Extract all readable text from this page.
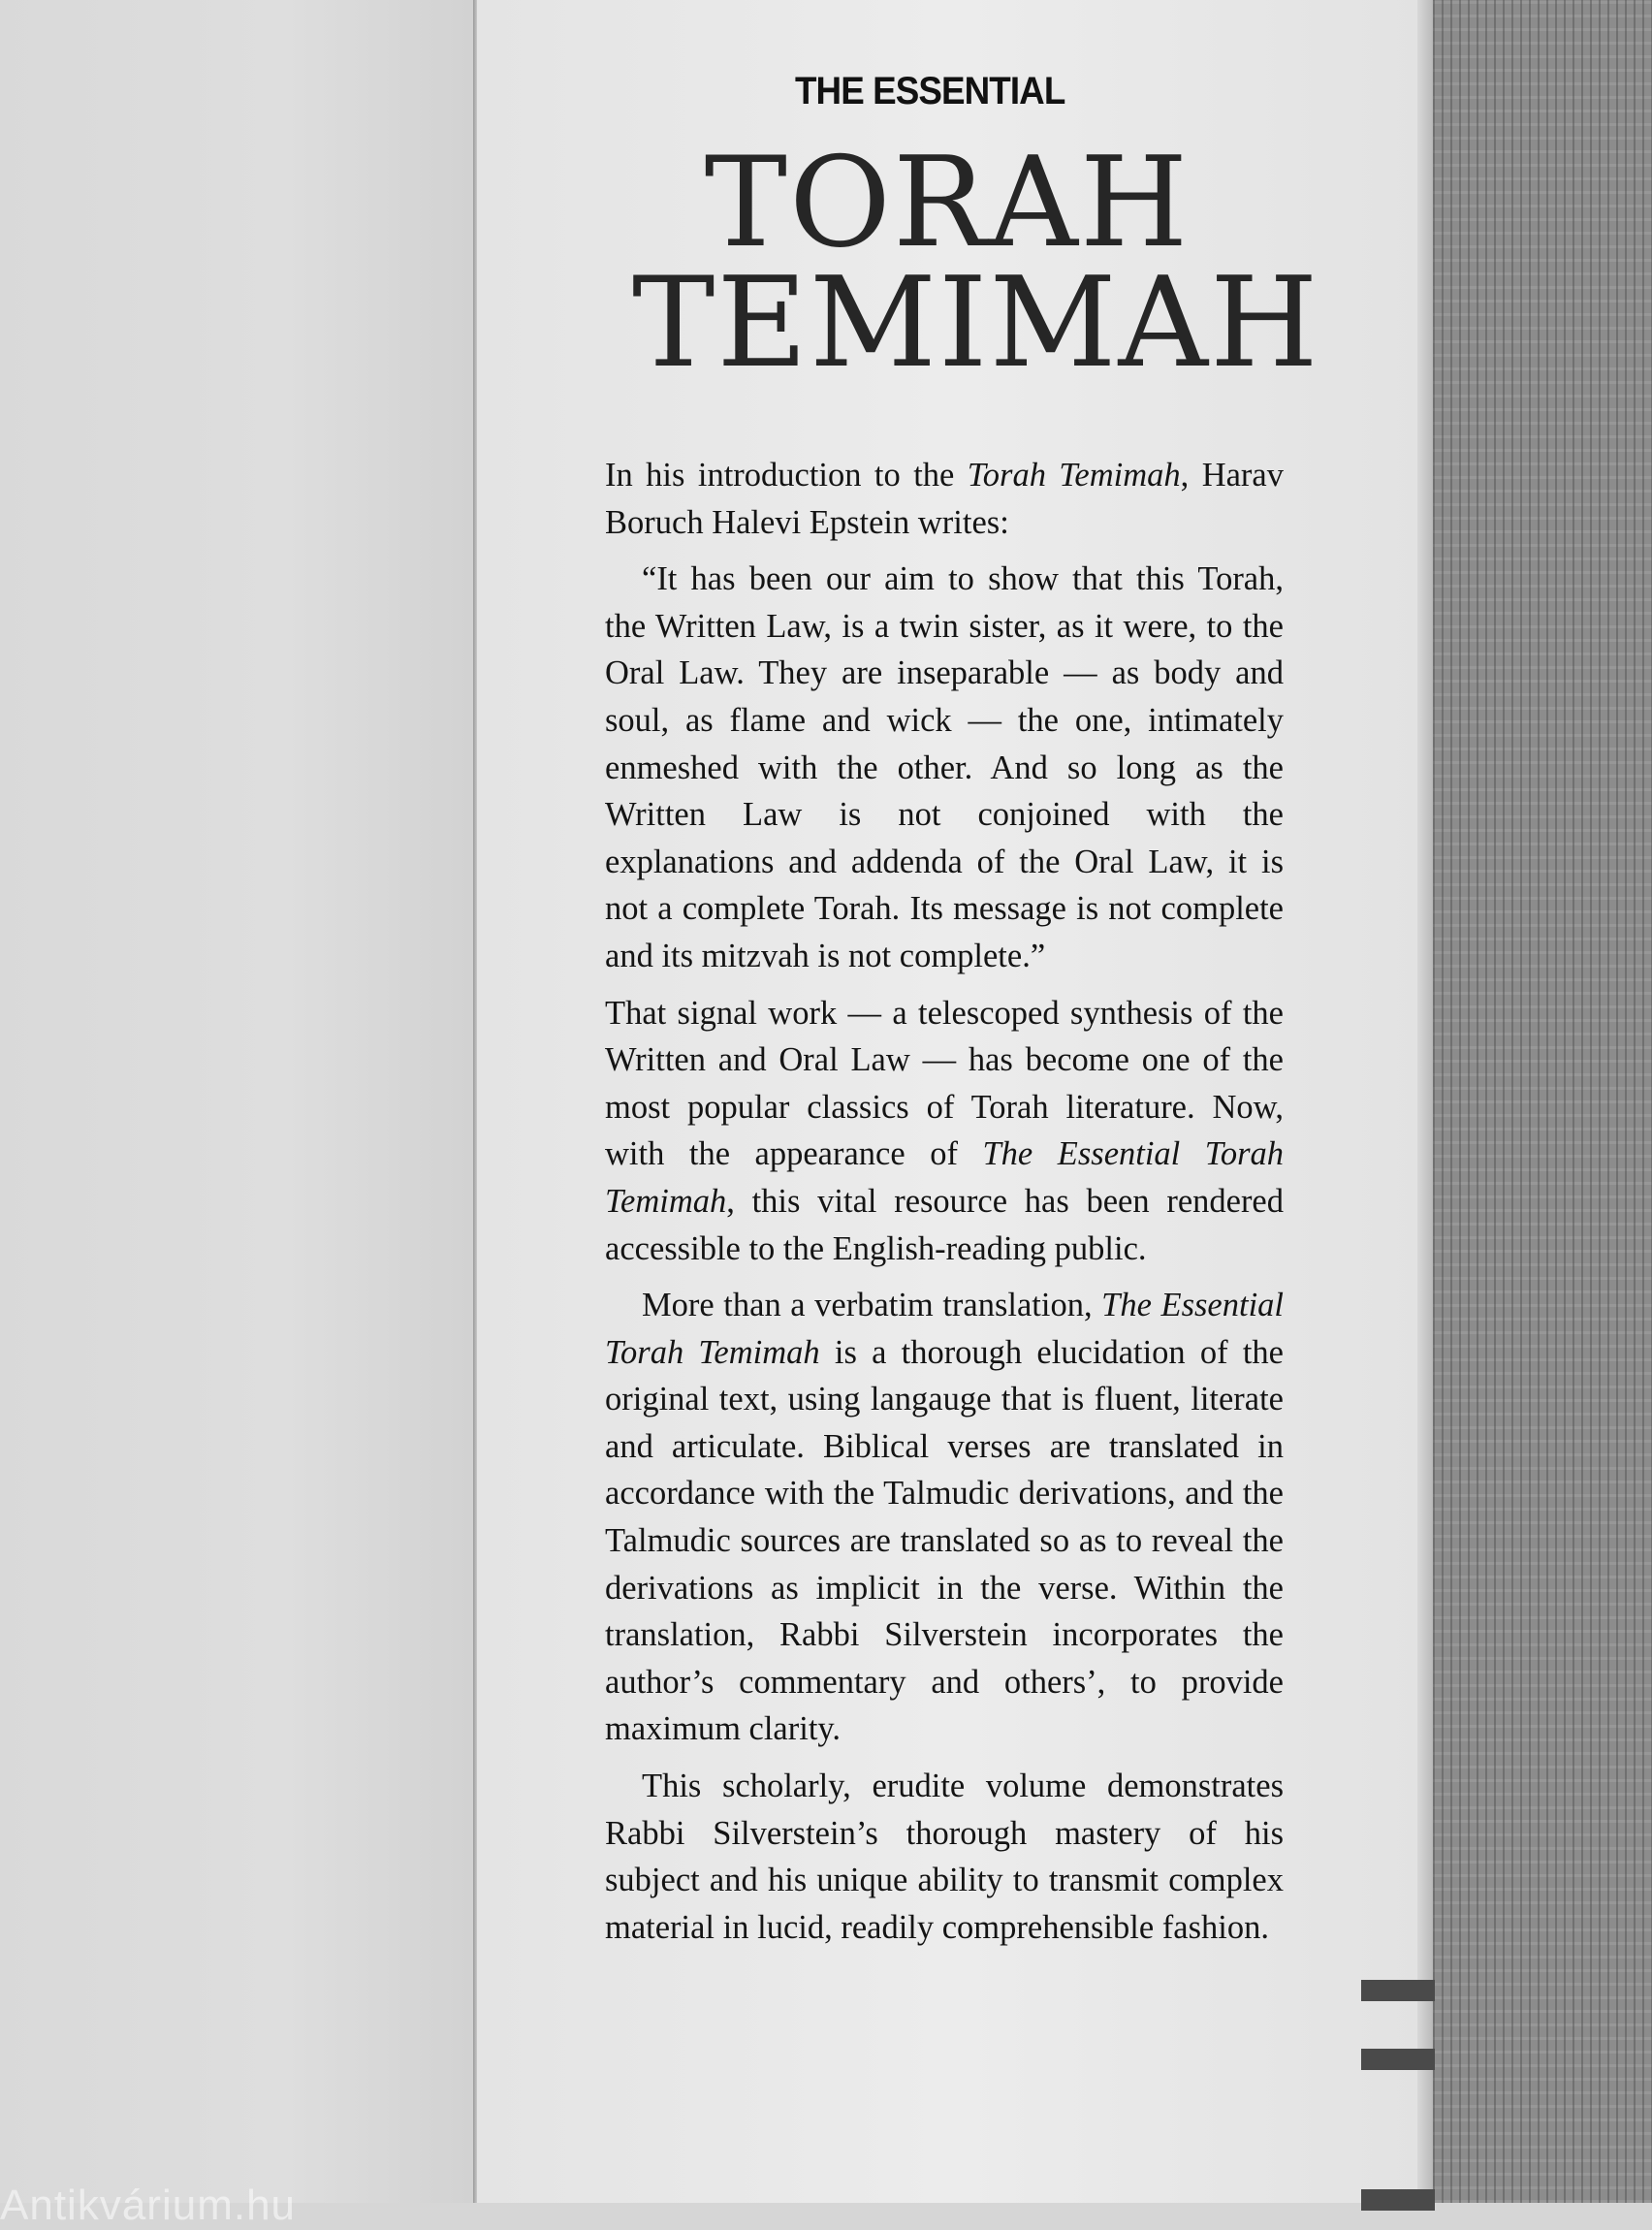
THE ESSENTIAL
TORAH
TEMIMAH

In his introduction to the Torah Temimah, Harav Boruch Halevi Epstein writes:

“It has been our aim to show that this Torah, the Written Law, is a twin sister, as it were, to the Oral Law. They are inseparable — as body and soul, as flame and wick — the one, intimately enmeshed with the other. And so long as the Written Law is not conjoined with the explanations and addenda of the Oral Law, it is not a complete Torah. Its message is not complete and its mitzvah is not complete.”

That signal work — a telescoped synthesis of the Written and Oral Law — has become one of the most popular classics of Torah literature. Now, with the appearance of The Essential Torah Temimah, this vital resource has been rendered accessible to the English-reading public.

More than a verbatim translation, The Essential Torah Temimah is a thorough elucidation of the original text, using langauge that is fluent, literate and articulate. Biblical verses are translated in accordance with the Talmudic derivations, and the Talmudic sources are translated so as to reveal the derivations as implicit in the verse. Within the translation, Rabbi Silverstein incorporates the author’s commentary and others’, to provide maximum clarity.

This scholarly, erudite volume demonstrates Rabbi Silverstein’s thorough mastery of his subject and his unique ability to transmit complex material in lucid, readily comprehensible fashion.

Antikvárium.hu
